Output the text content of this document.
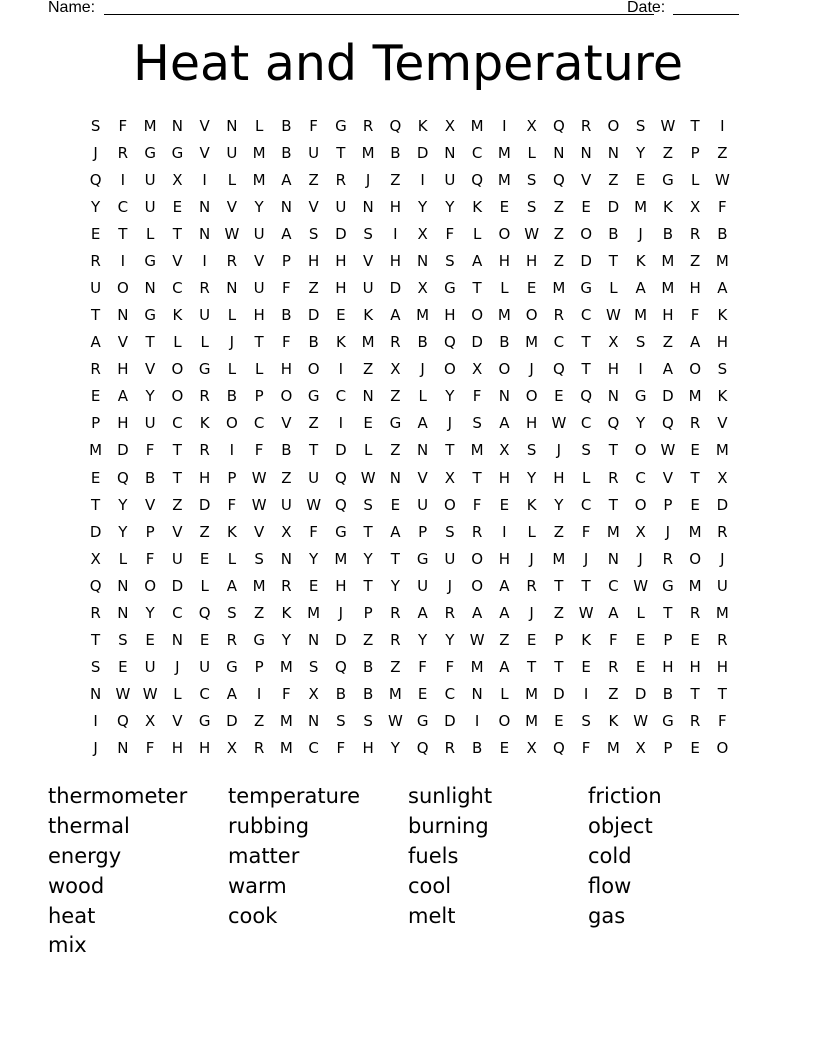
Name:	Date:
Heat and Temperature
S	F	M	N	V	N	L	B	F	G	R	Q	K	X	M	I	X	Q	R	O	S	W	T	I
J	R	G	G	V	U	M	B	U	T	M	B	D	N	C	M	L	N	N	N	Y	Z	P	Z
Q	I	U	X	I	L	M	A	Z	R	J	Z	I	U	Q M	S	Q	V	Z	E	G	L	W
Y	C	U	E	N	V	Y	N	V	U	N	H	Y	Y	K	E	S	Z	E	D M	K	X	F
E	T	L	T	N W U	A	S	D	S	I	X	F	L	O W Z	O	B	J	B	R	B
R	I	G	V	I	R	V	P	H	H	V	H	N	S	A	H	H	Z	D	T	K	M	Z	M
U	O	N	C	R	N	U	F	Z	H	U	D	X	G	T	L	E	M G	L	A	M	H	A
T	N	G	K	U	L	H	B	D	E	K	A	M	H	O M O	R	C W M	H	F	K
A	V	T	L	L	J	T	F	B	K	M	R	B	Q	D	B	M	C	T	X	S	Z	A	H
R	H	V	O	G	L	L	H	O	I	Z	X	J	O	X	O	J	Q	T	H	I	A	O	S
E	A	Y	O	R	B	P	O	G	C	N	Z	L	Y	F	N	O	E	Q	N	G	D M	K
P	H	U	C	K	O	C	V	Z	I	E	G	A	J	S	A	H W C	Q	Y	Q	R	V
M	D	F	T	R	I	F	B	T	D	L	Z	N	T	M	X	S	J	S	T	O W	E	M
E	Q	B	T	H	P	W Z	U	Q W N	V	X	T	H	Y	H	L	R	C	V	T	X
T	Y	V	Z	D	F	W U W Q	S	E	U	O	F	E	K	Y	C	T	O	P	E	D
D	Y	P	V	Z	K	V	X	F	G	T	A	P	S	R	I	L	Z	F	M	X	J	M	R
X	L	F	U	E	L	S	N	Y	M	Y	T	G	U	O	H	J	M	J	N	J	R	O	J
Q	N	O	D	L	A	M	R	E	H	T	Y	U	J	O	A	R	T	T	C W G M	U
R	N	Y	C	Q	S	Z	K	M	J	P	R	A	R	A	A	J	Z W A	L	T	R	M
T	S	E	N	E	R	G	Y	N	D	Z	R	Y	Y	W Z	E	P	K	F	E	P	E	R
S	E	U	J	U	G	P	M	S	Q	B	Z	F	F	M	A	T	T	E	R	E	H	H	H
N W W	L	C	A	I	F	X	B	B	M	E	C	N	L	M	D	I	Z	D	B	T	T
I	Q	X	V	G	D	Z	M	N	S	S	W G	D	I	O M	E	S	K W G	R	F
J	N	F	H	H	X	R	M	C	F	H	Y	Q	R	B	E	X	Q	F	M	X	P	E	O
thermometer	temperature	sunlight	friction
thermal	rubbing	burning	object
energy	matter	fuels	cold
wood	warm	cool	flow
heat	cook	melt	gas
mix
